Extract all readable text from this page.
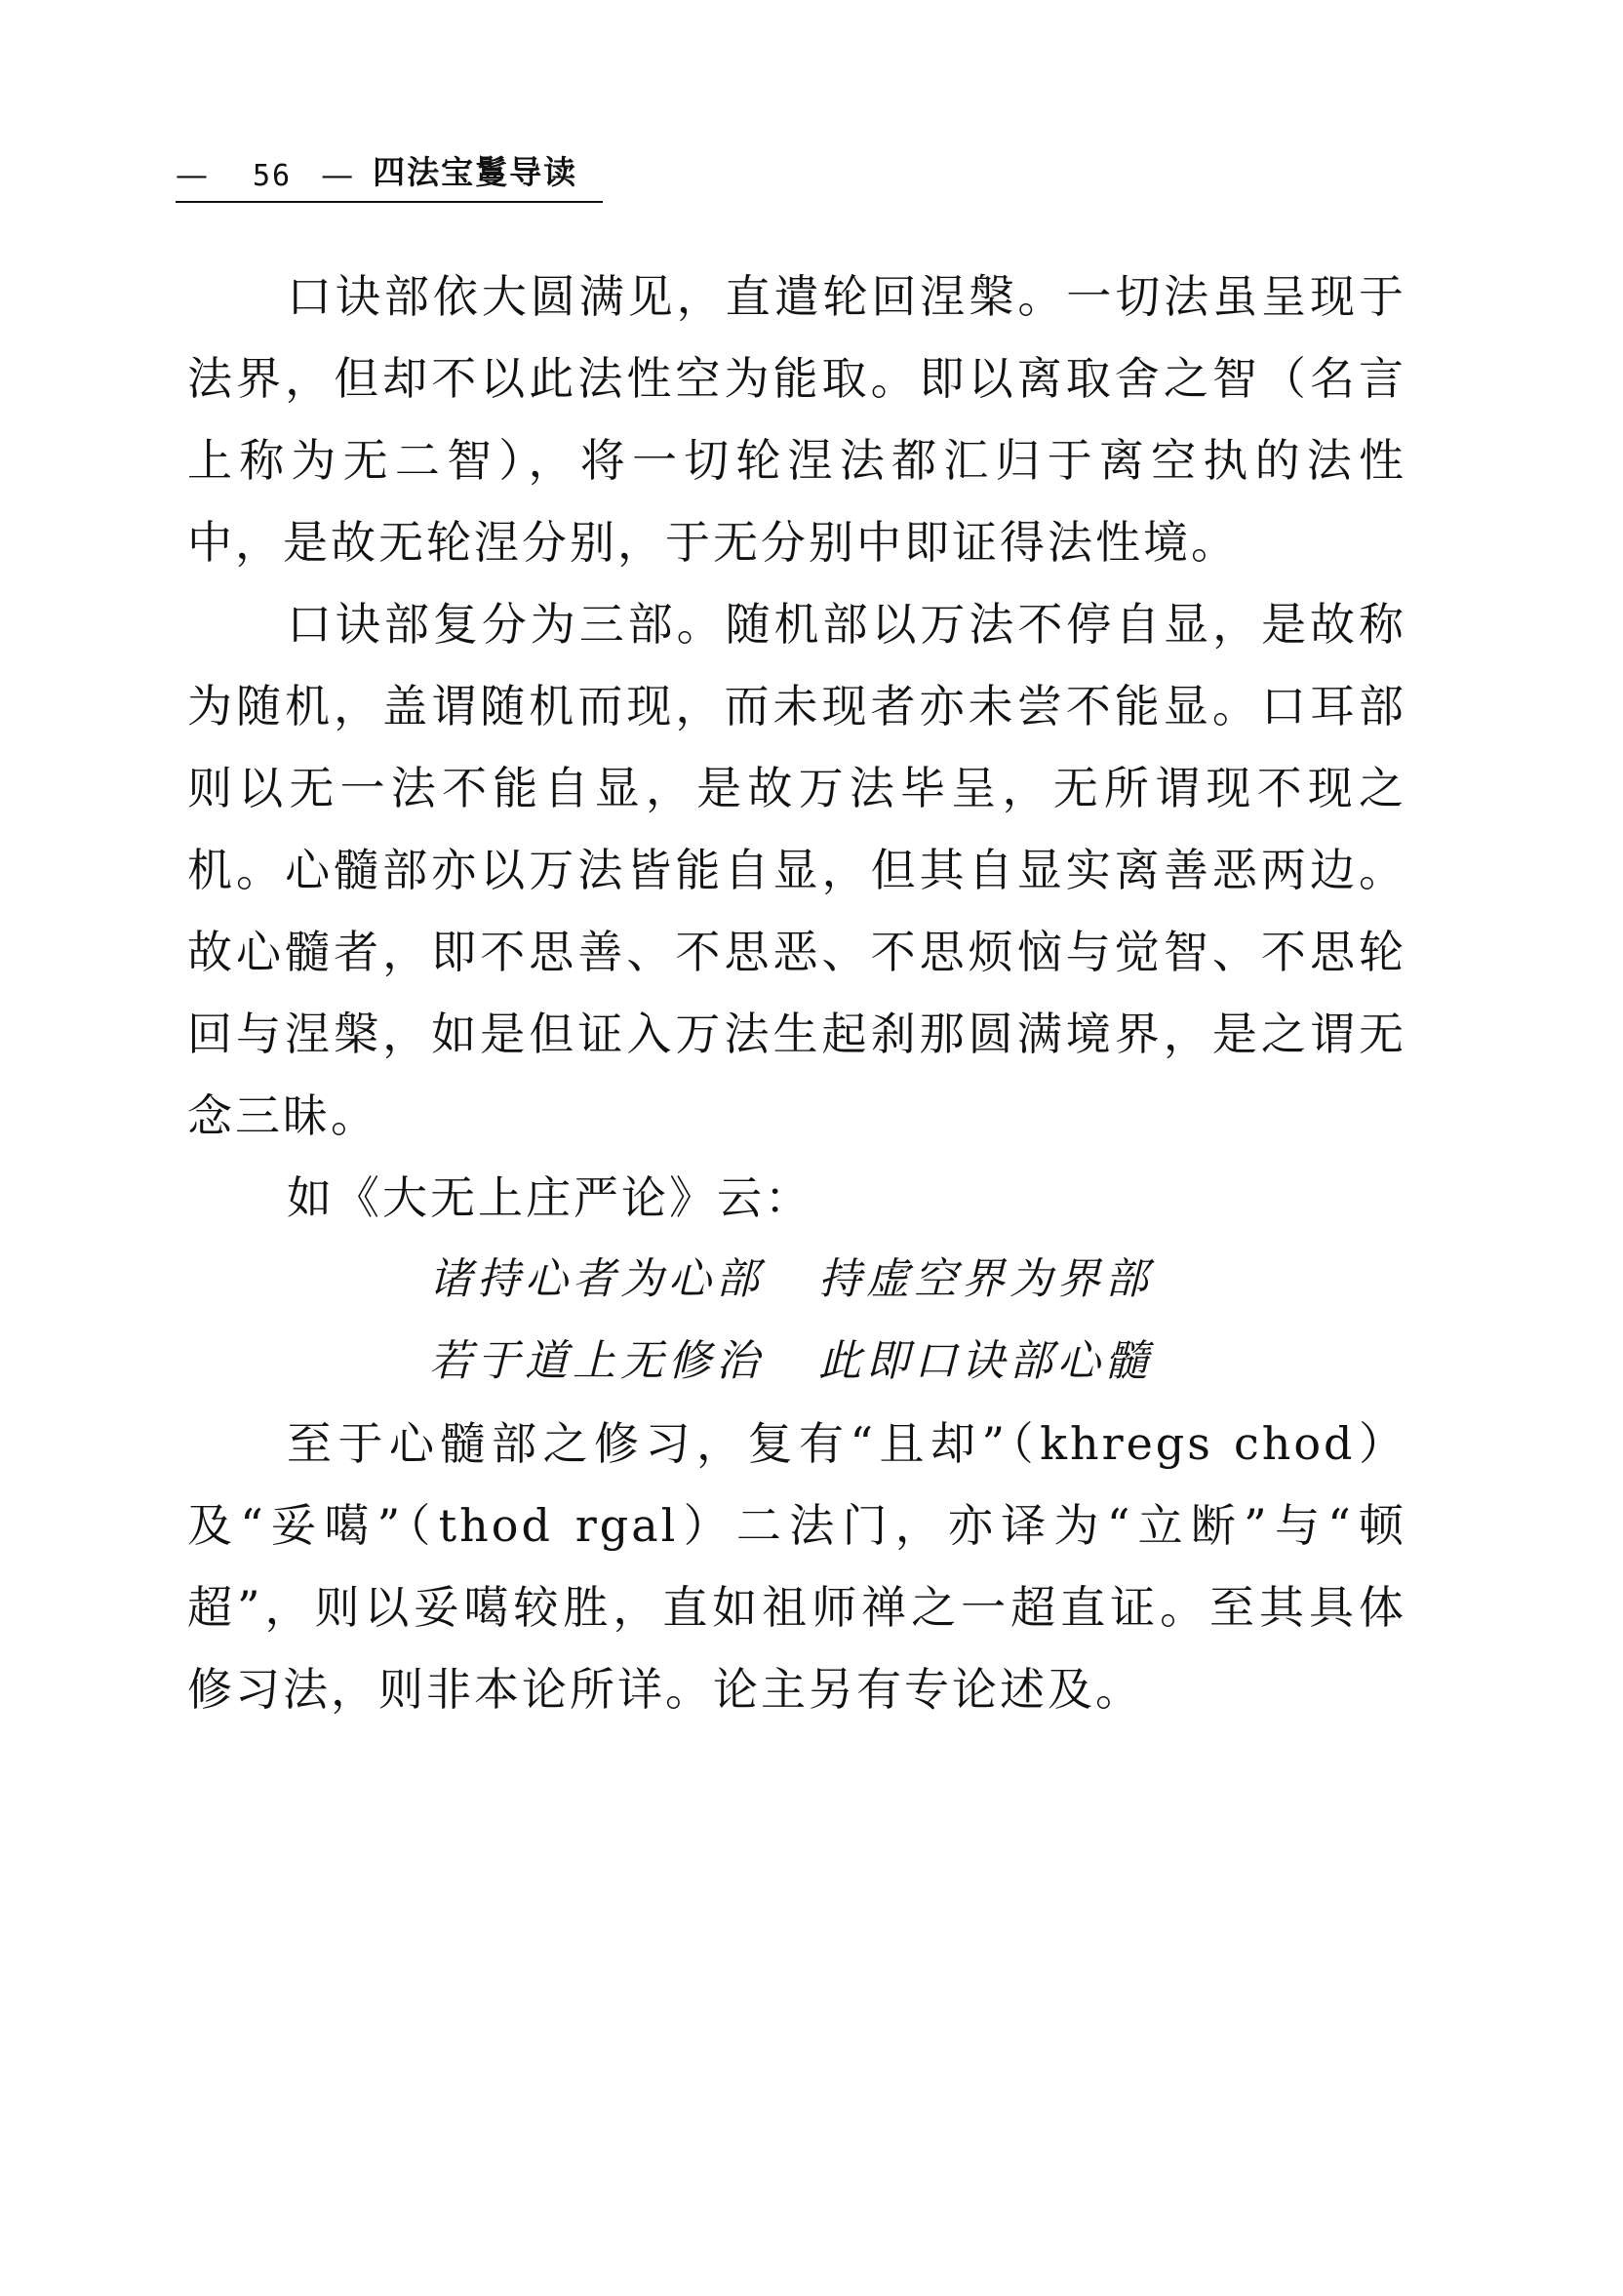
—	56 — 四法宝鬘导读

口诀部依大圆满见，直遣轮回涅槃。一切法虽呈现于法界，但却不以此法性空为能取。即以离取舍之智（名言上称为无二智），将一切轮涅法都汇归于离空执的法性中，是故无轮涅分别，于无分别中即证得法性境。

口诀部复分为三部。随机部以万法不停自显，是故称为随机，盖谓随机而现，而未现者亦未尝不能显。口耳部则以无一法不能自显，是故万法毕呈，无所谓现不现之机。心髓部亦以万法皆能自显，但其自显实离善恶两边。故心髓者，即不思善、不思恶、不思烦恼与觉智、不思轮回与涅槃，如是但证入万法生起刹那圆满境界，是之谓无念三昧。

如《大无上庄严论》云：

诸持心者为心部 持虚空界为界部

若于道上无修治 此即口诀部心髓

至于心髓部之修习，复有“且却”（khregs chod）及“妥噶”（thod rgal）二法门，亦译为“立断”与“顿超”，则以妥噶较胜，直如祖师禅之一超直证。至其具体修习法，则非本论所详。论主另有专论述及。
